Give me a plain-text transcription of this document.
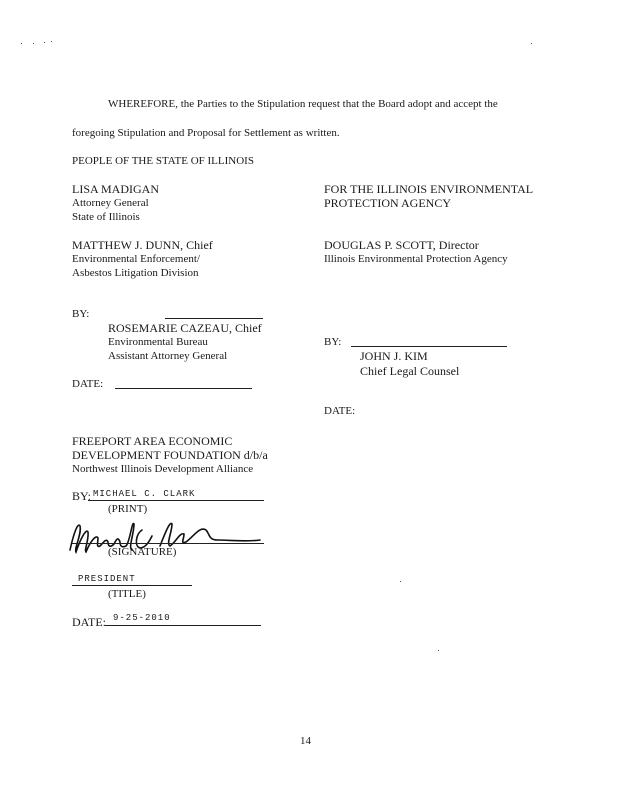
WHEREFORE, the Parties to the Stipulation request that the Board adopt and accept the
foregoing Stipulation and Proposal for Settlement as written.
PEOPLE OF THE STATE OF ILLINOIS
LISA MADIGAN
Attorney General
State of Illinois
MATTHEW J. DUNN, Chief
Environmental Enforcement/
Asbestos Litigation Division
BY:
ROSEMARIE CAZEAU, Chief
Environmental Bureau
Assistant Attorney General
DATE:
FOR THE ILLINOIS ENVIRONMENTAL
PROTECTION AGENCY
DOUGLAS P. SCOTT, Director
Illinois Environmental Protection Agency
BY:
JOHN J. KIM
Chief Legal Counsel
DATE:
FREEPORT AREA ECONOMIC
DEVELOPMENT FOUNDATION d/b/a
Northwest Illinois Development Alliance
BY: MICHAEL C. CLARK
(PRINT)
(SIGNATURE)
PRESIDENT
(TITLE)
DATE: 9-25-2010
14
